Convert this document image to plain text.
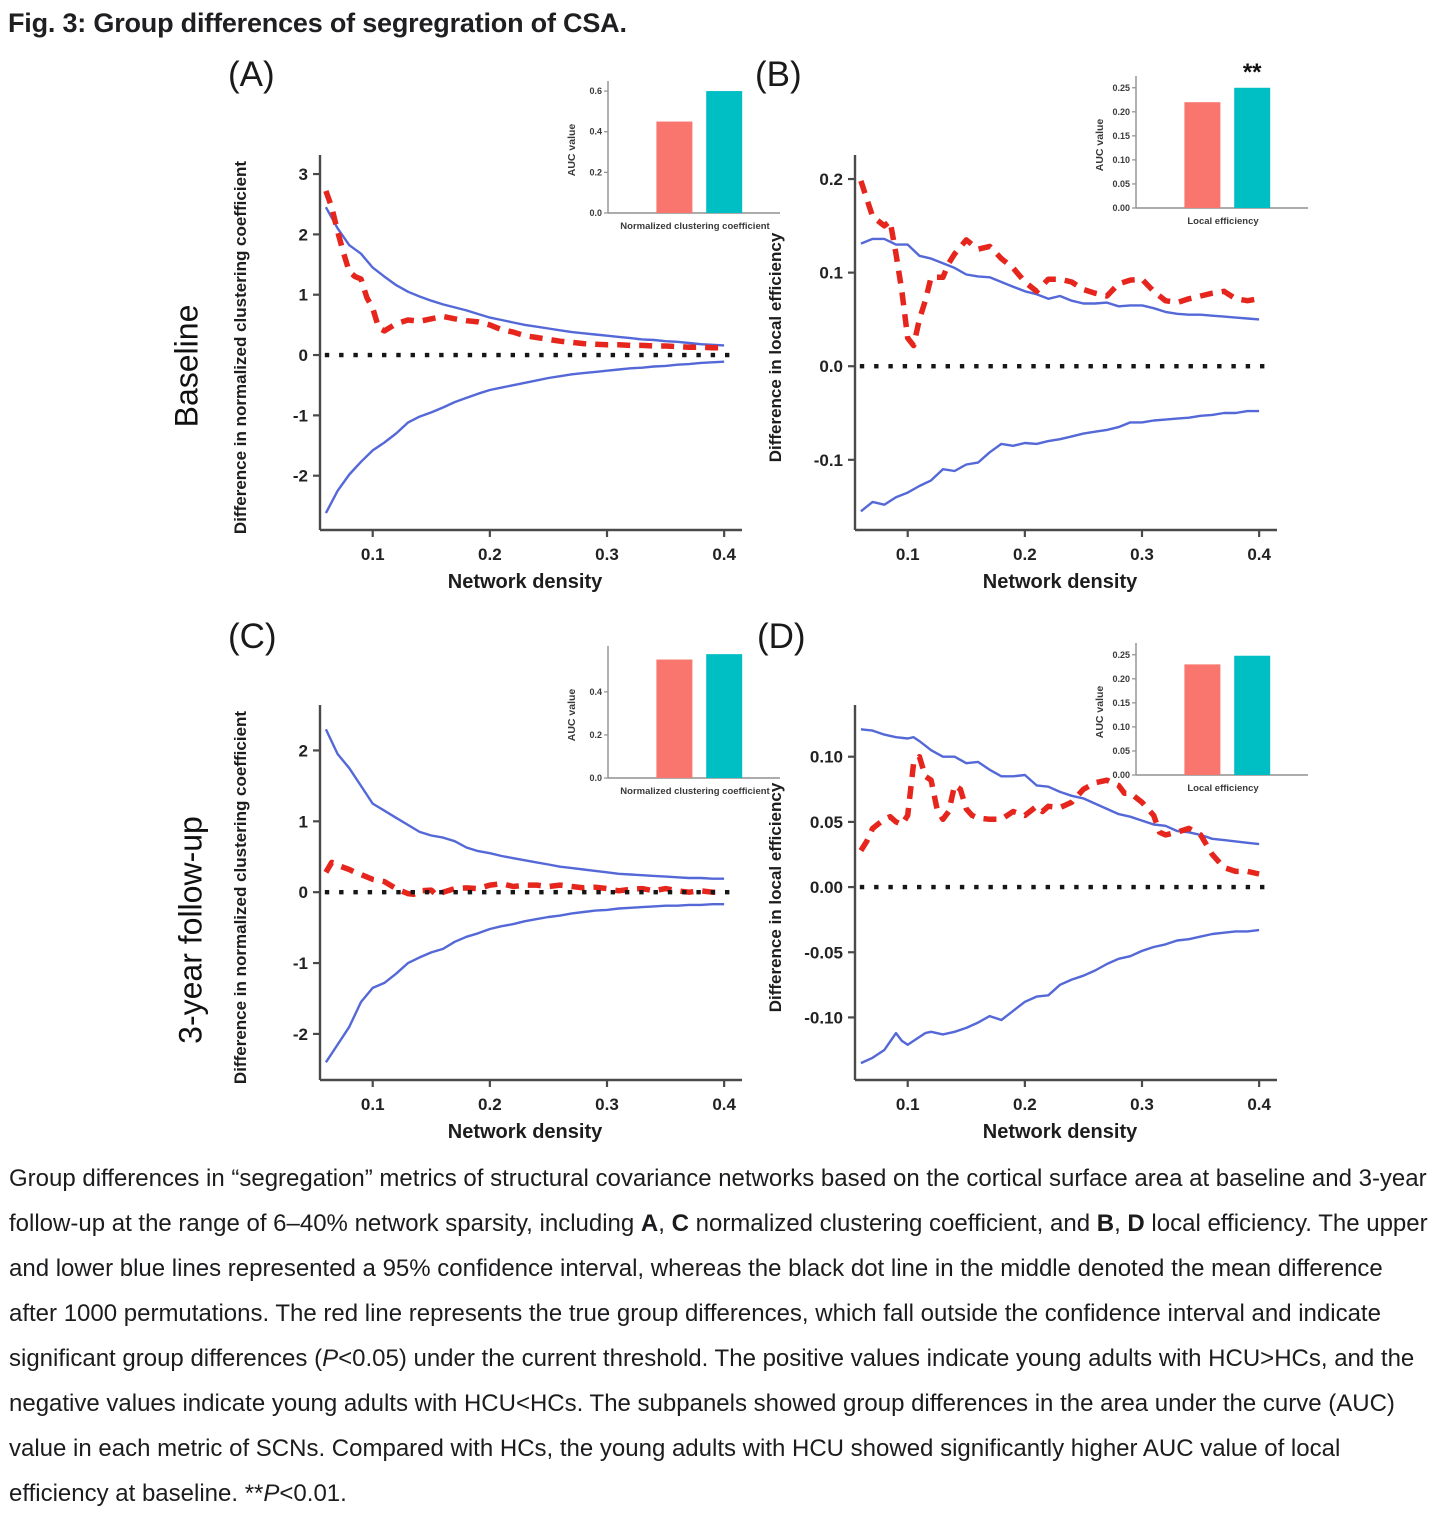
Fig. 3: Group differences of segregration of CSA.
(A)	(B)
(C)	(D)
Baseline
3-year follow-up
3
2
1
0
-1
-2
0.1	0.2	0.3	0.4
Network density
Difference in normalized clustering coefficient	0.2
0.1
0.0
-0.1
0.1	0.2	0.3	0.4
Network density
Difference in local efficiency
2
1
0
-1
-2
0.1	0.2	0.3	0.4
Network density
Difference in normalized clustering coefficient	0.10
0.05
0.00
-0.05
-0.10
0.1	0.2	0.3	0.4
Network density
Difference in local efficiency
0.0
0.2
0.4
0.6
AUC value
Normalized clustering coefficient
0.00
0.05
0.10
0.15
0.20
0.25
AUC value
Local efficiency
**
0.0
0.2
0.4
AUC value
Normalized clustering coefficient
0.00
0.05
0.10
0.15
0.20
0.25
AUC value
Local efficiency
Group differences in “segregation” metrics of structural covariance networks based on the cortical surface area at baseline and 3-year follow-up at the range of 6–40% network sparsity, including A, C normalized clustering coefficient, and B, D local efficiency. The upper and lower blue lines represented a 95% confidence interval, whereas the black dot line in the middle denoted the mean difference after 1000 permutations. The red line represents the true group differences, which fall outside the confidence interval and indicate significant group differences (P<0.05) under the current threshold. The positive values indicate young adults with HCU>HCs, and the negative values indicate young adults with HCU<HCs. The subpanels showed group differences in the area under the curve (AUC) value in each metric of SCNs. Compared with HCs, the young adults with HCU showed significantly higher AUC value of local efficiency at baseline. **P<0.01.
